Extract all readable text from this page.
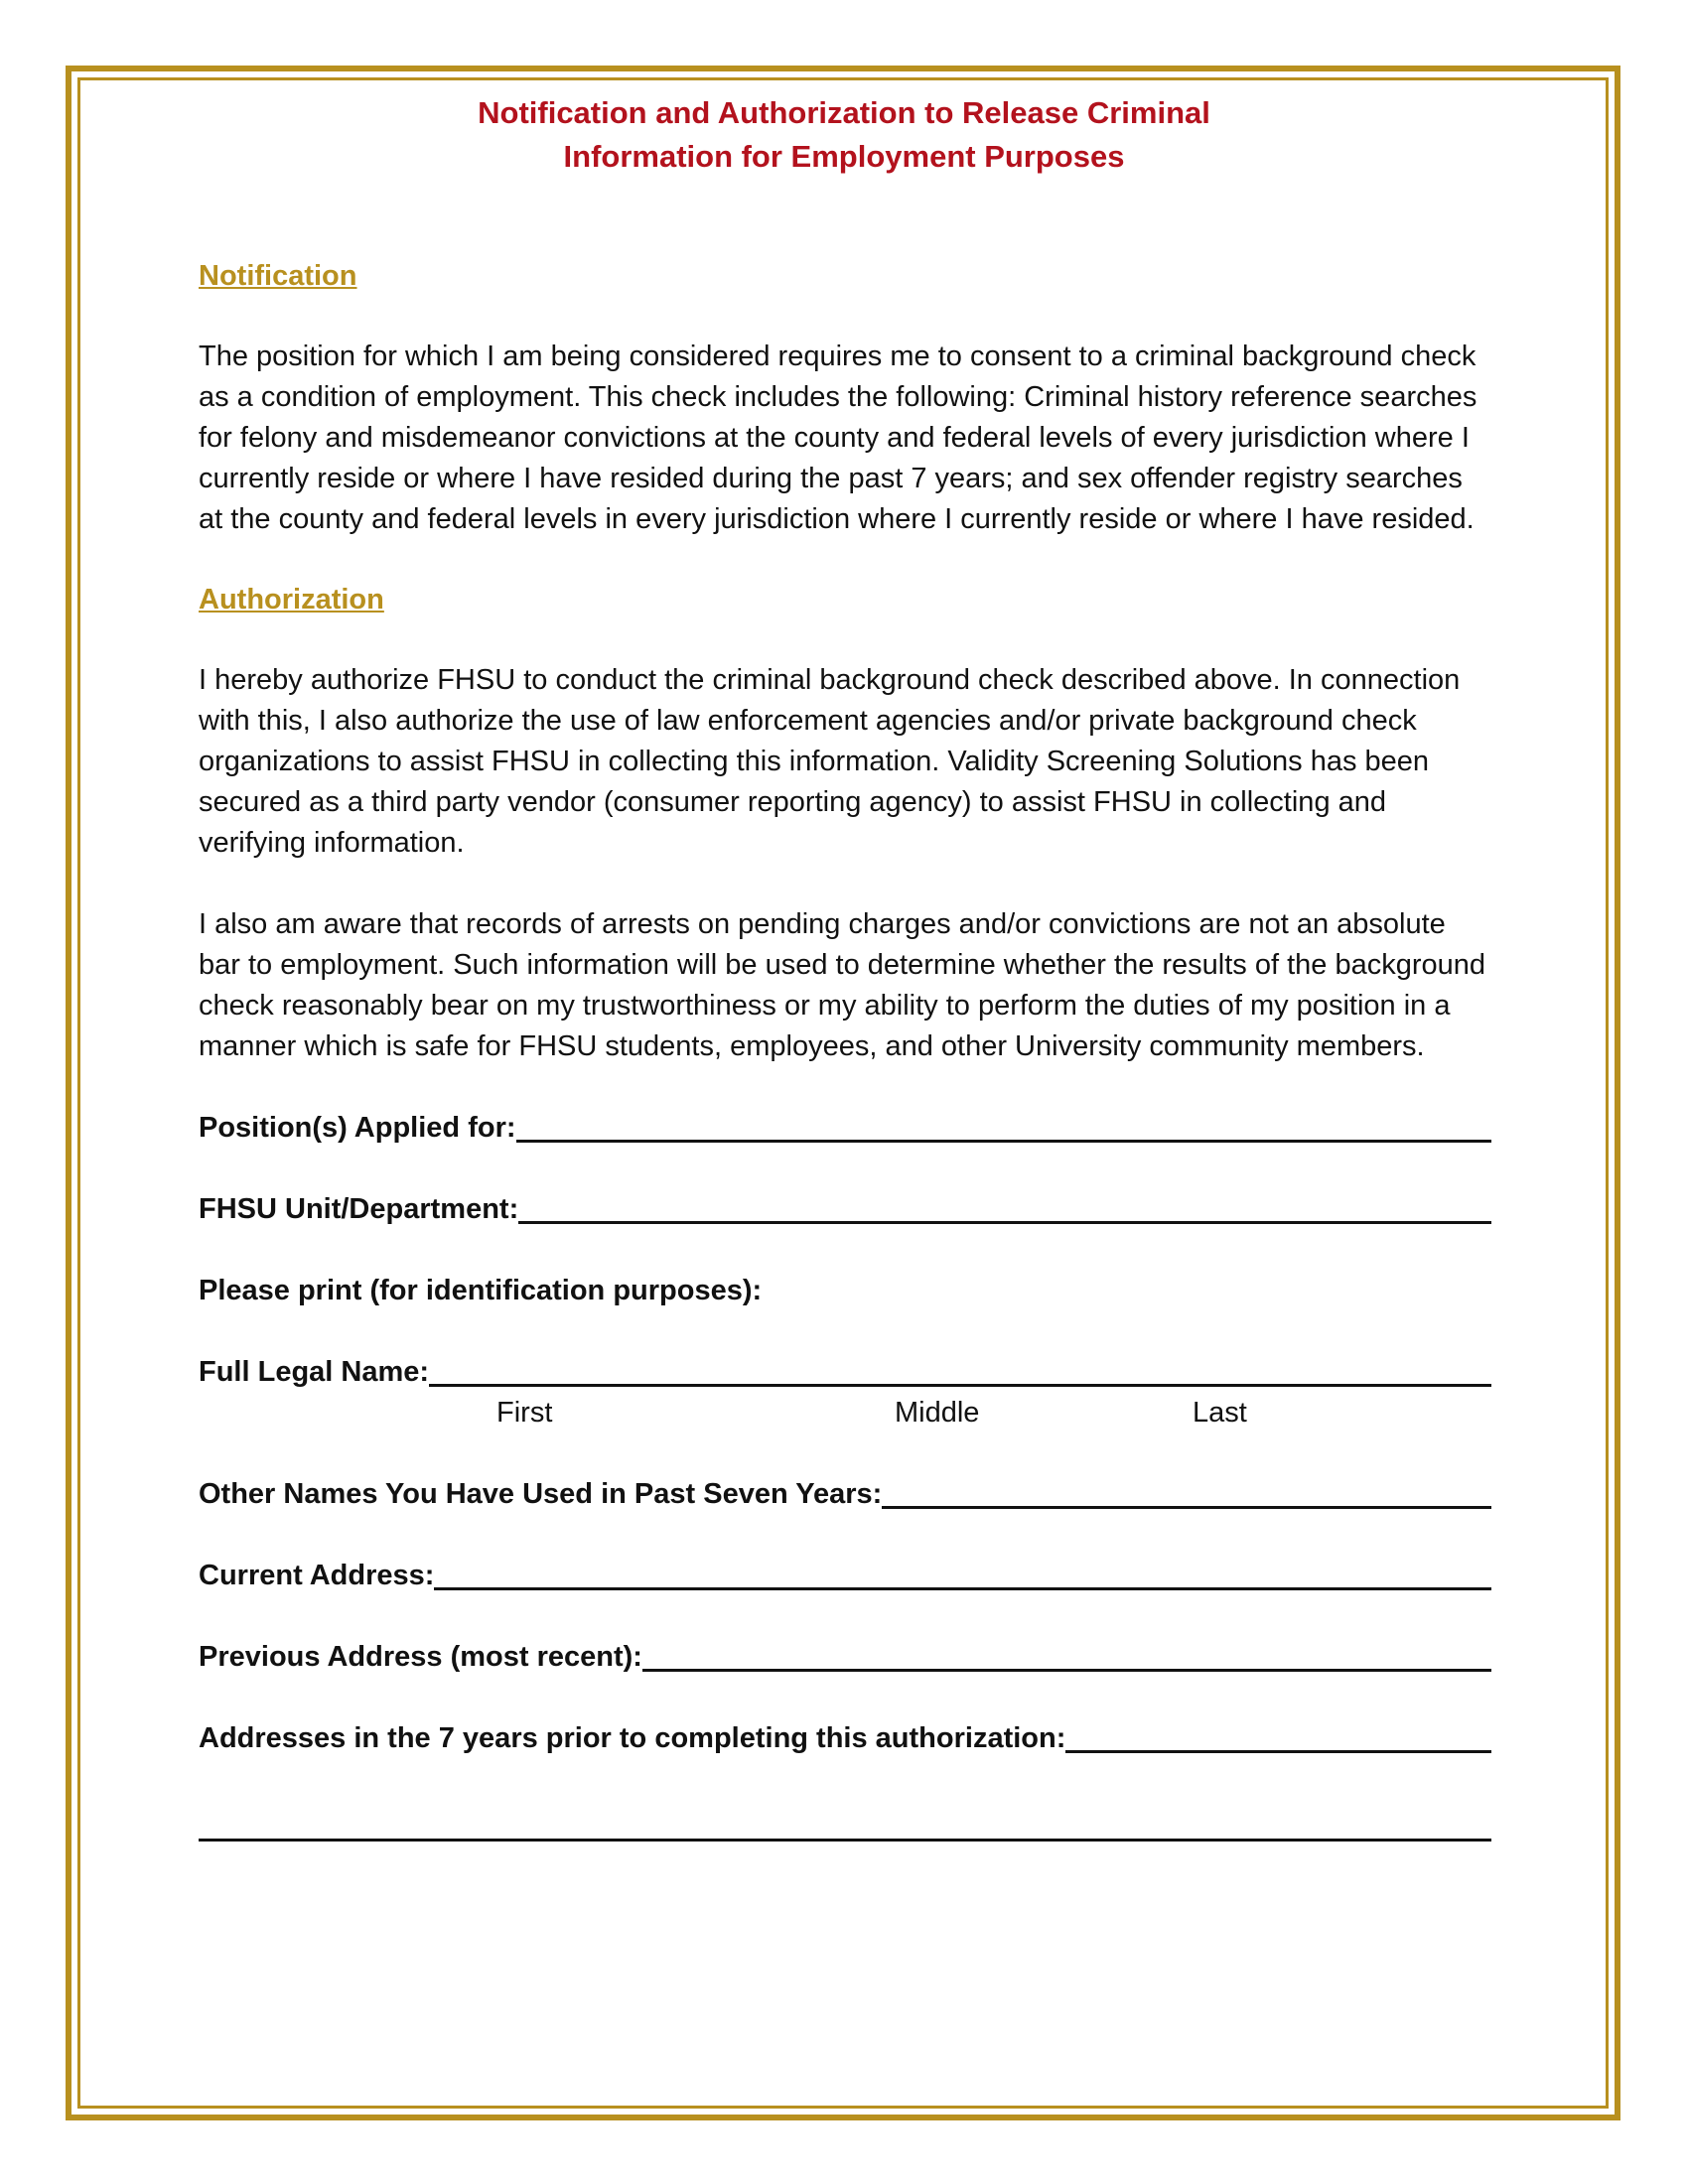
Notification and Authorization to Release Criminal
Information for Employment Purposes

Notification

The position for which I am being considered requires me to consent to a criminal background check as a condition of employment. This check includes the following: Criminal history reference searches for felony and misdemeanor convictions at the county and federal levels of every jurisdiction where I currently reside or where I have resided during the past 7 years; and sex offender registry searches at the county and federal levels in every jurisdiction where I currently reside or where I have resided.

Authorization

I hereby authorize FHSU to conduct the criminal background check described above. In connection with this, I also authorize the use of law enforcement agencies and/or private background check organizations to assist FHSU in collecting this information. Validity Screening Solutions has been secured as a third party vendor (consumer reporting agency) to assist FHSU in collecting and verifying information.

I also am aware that records of arrests on pending charges and/or convictions are not an absolute bar to employment. Such information will be used to determine whether the results of the background check reasonably bear on my trustworthiness or my ability to perform the duties of my position in a manner which is safe for FHSU students, employees, and other University community members.

Position(s) Applied for:
FHSU Unit/Department:
Please print (for identification purposes):
Full Legal Name:
First	Middle	Last
Other Names You Have Used in Past Seven Years:
Current Address:
Previous Address (most recent):
Addresses in the 7 years prior to completing this authorization:
